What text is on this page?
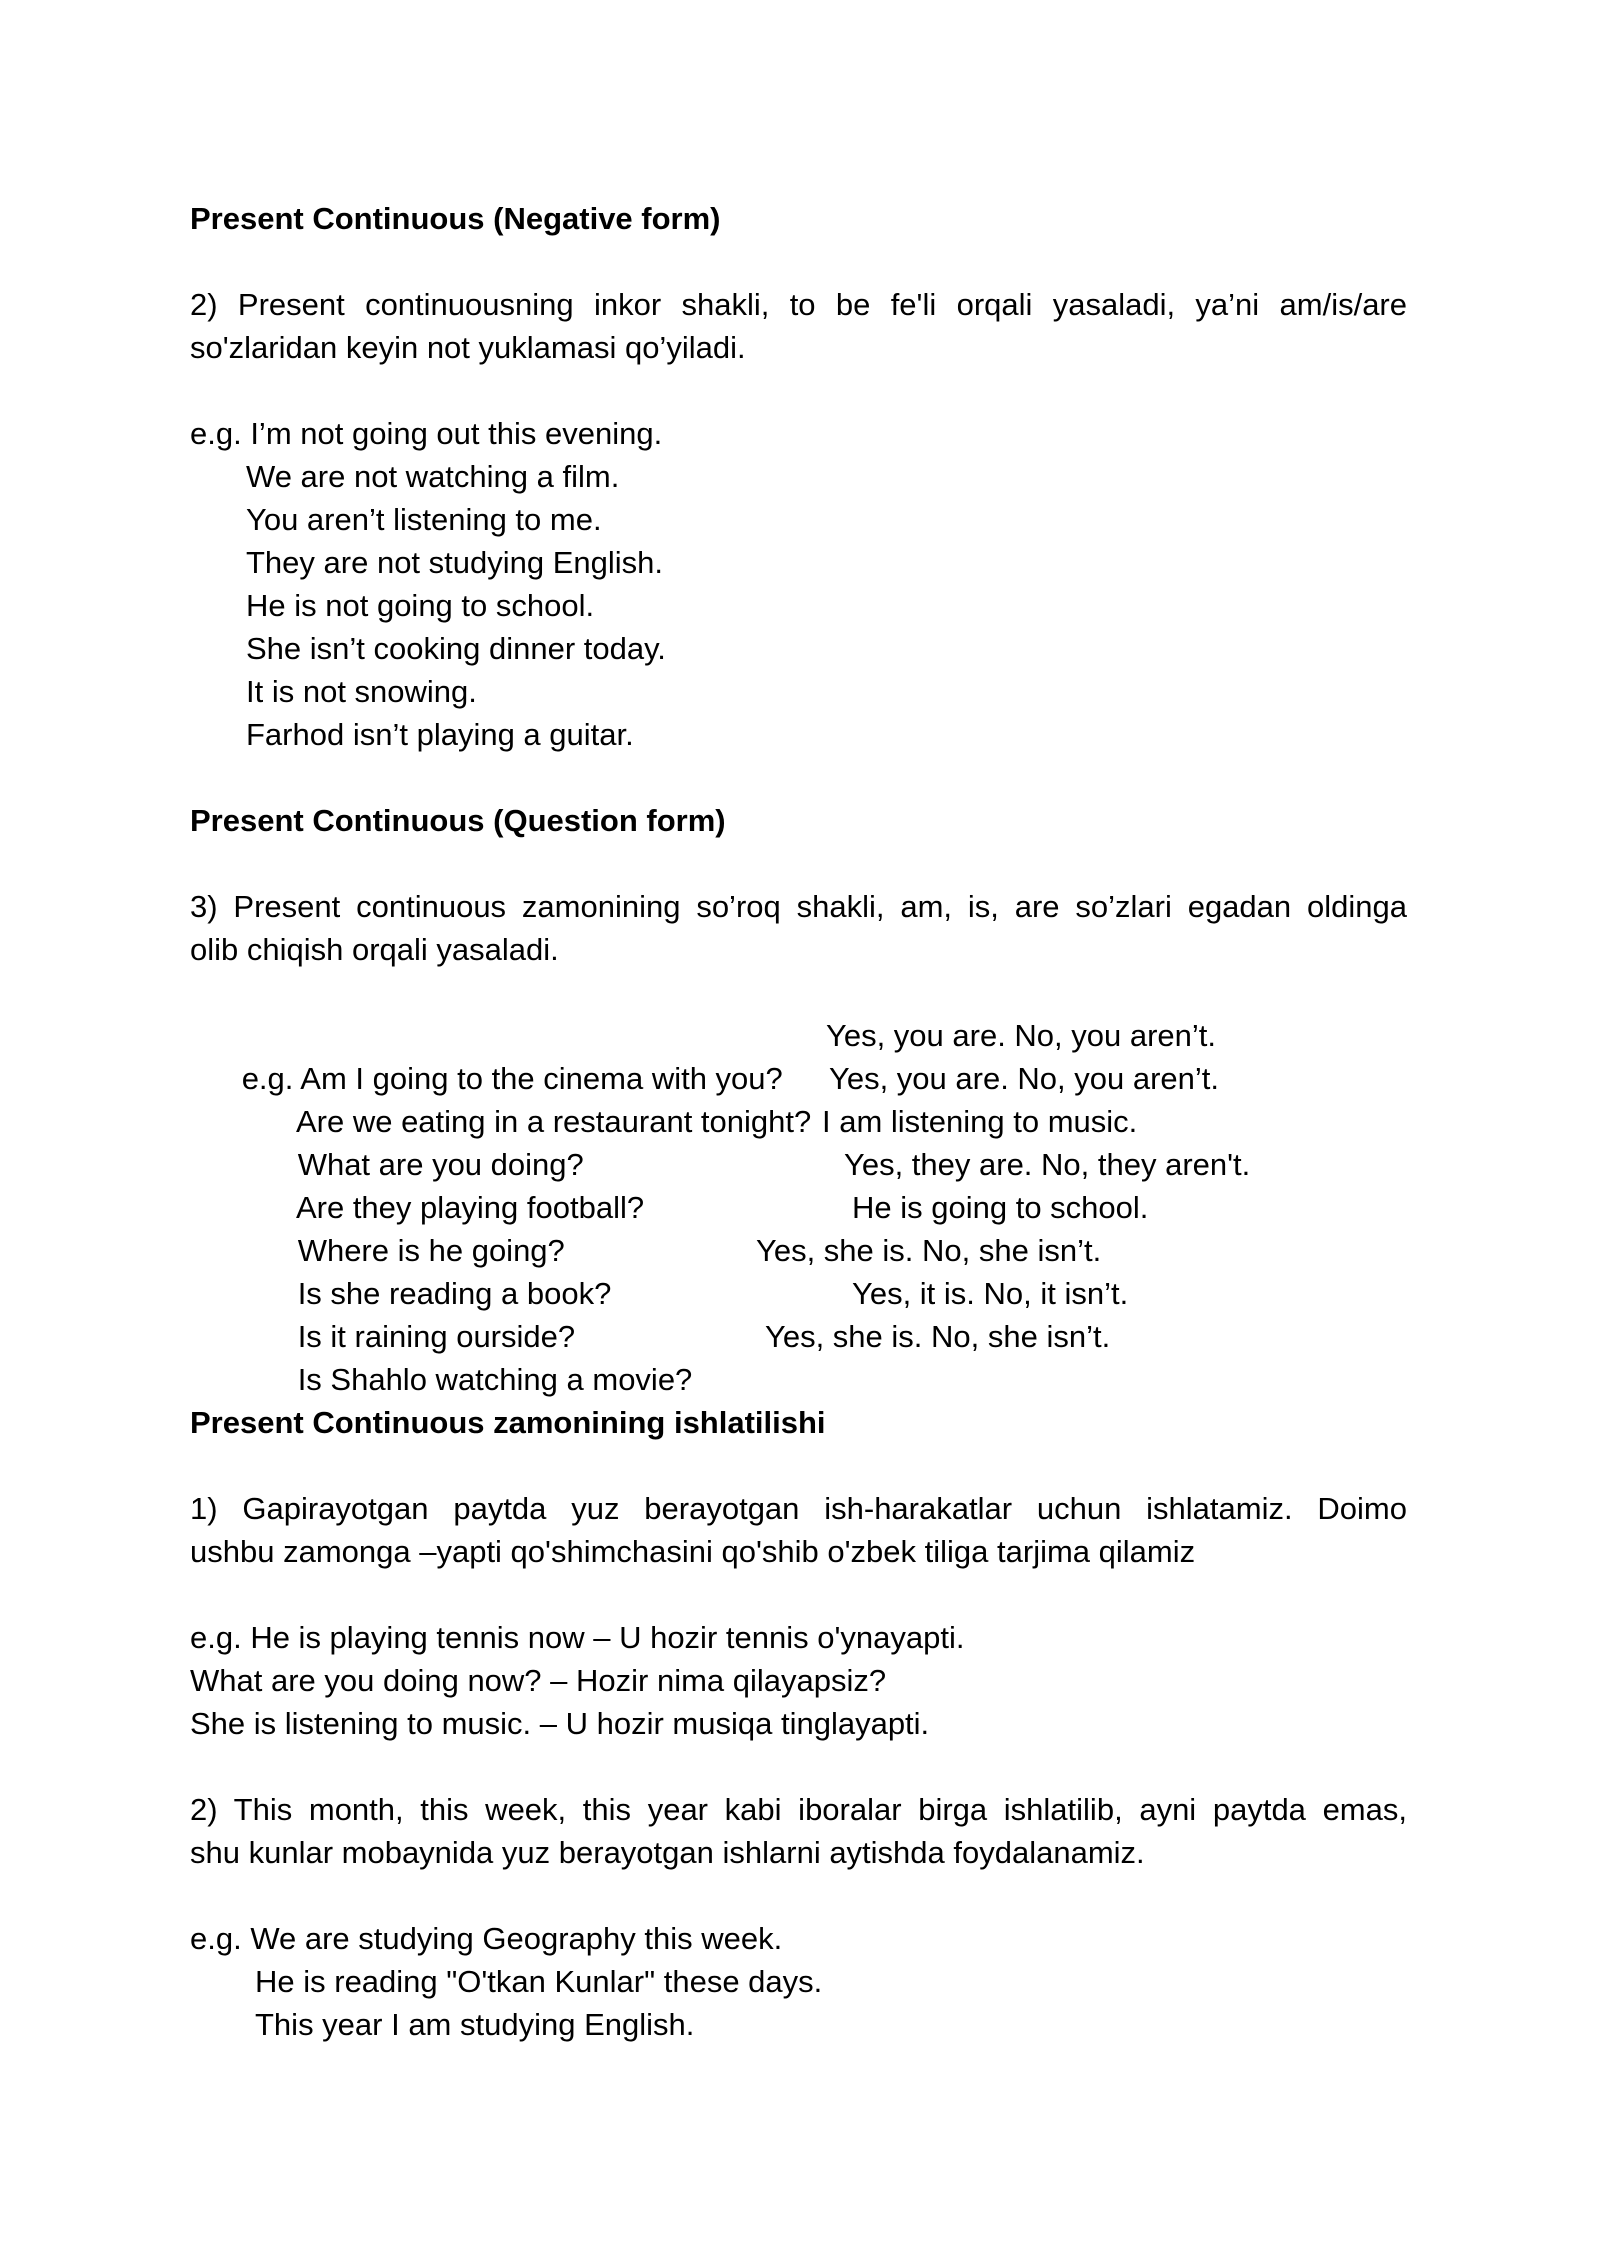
Present Continuous (Negative form)
2) Present continuousning inkor shakli, to be fe'li orqali yasaladi, ya’ni am/is/are
so'zlaridan keyin not yuklamasi qo’yiladi.
e.g. I’m not going out this evening.
We are not watching a film.
You aren’t listening to me.
They are not studying English.
He is not going to school.
She isn’t cooking dinner today.
It is not snowing.
Farhod isn’t playing a guitar.
Present Continuous (Question form)
3) Present continuous zamonining so’roq shakli, am, is, are so’zlari egadan oldinga
olib chiqish orqali yasaladi.

e.g. Am I going to the cinema with you?

Yes, you are. No, you aren’t.

Are we eating in a restaurant tonight?

Yes, you are. No, you aren’t.

What are you doing?

I am listening to music.

Are they playing football?

Yes, they are. No, they aren't.

Where is he going?

He is going to school.

Is she reading a book?

Yes, she is. No, she isn’t.

Is it raining ourside?

Yes, it is. No, it isn’t.

Is Shahlo watching a movie?

Yes, she is. No, she isn’t.

Present Continuous zamonining ishlatilishi
1) Gapirayotgan paytda yuz berayotgan ish-harakatlar uchun ishlatamiz. Doimo
ushbu zamonga –yapti qo'shimchasini qo'shib o'zbek tiliga tarjima qilamiz
e.g. He is playing tennis now – U hozir tennis o'ynayapti.
What are you doing now? – Hozir nima qilayapsiz?
She is listening to music. – U hozir musiqa tinglayapti.
2) This month, this week, this year kabi iboralar birga ishlatilib, ayni paytda emas,
shu kunlar mobaynida yuz berayotgan ishlarni aytishda foydalanamiz.
e.g. We are studying Geography this week.
He is reading "O'tkan Kunlar" these days.
This year I am studying English.
